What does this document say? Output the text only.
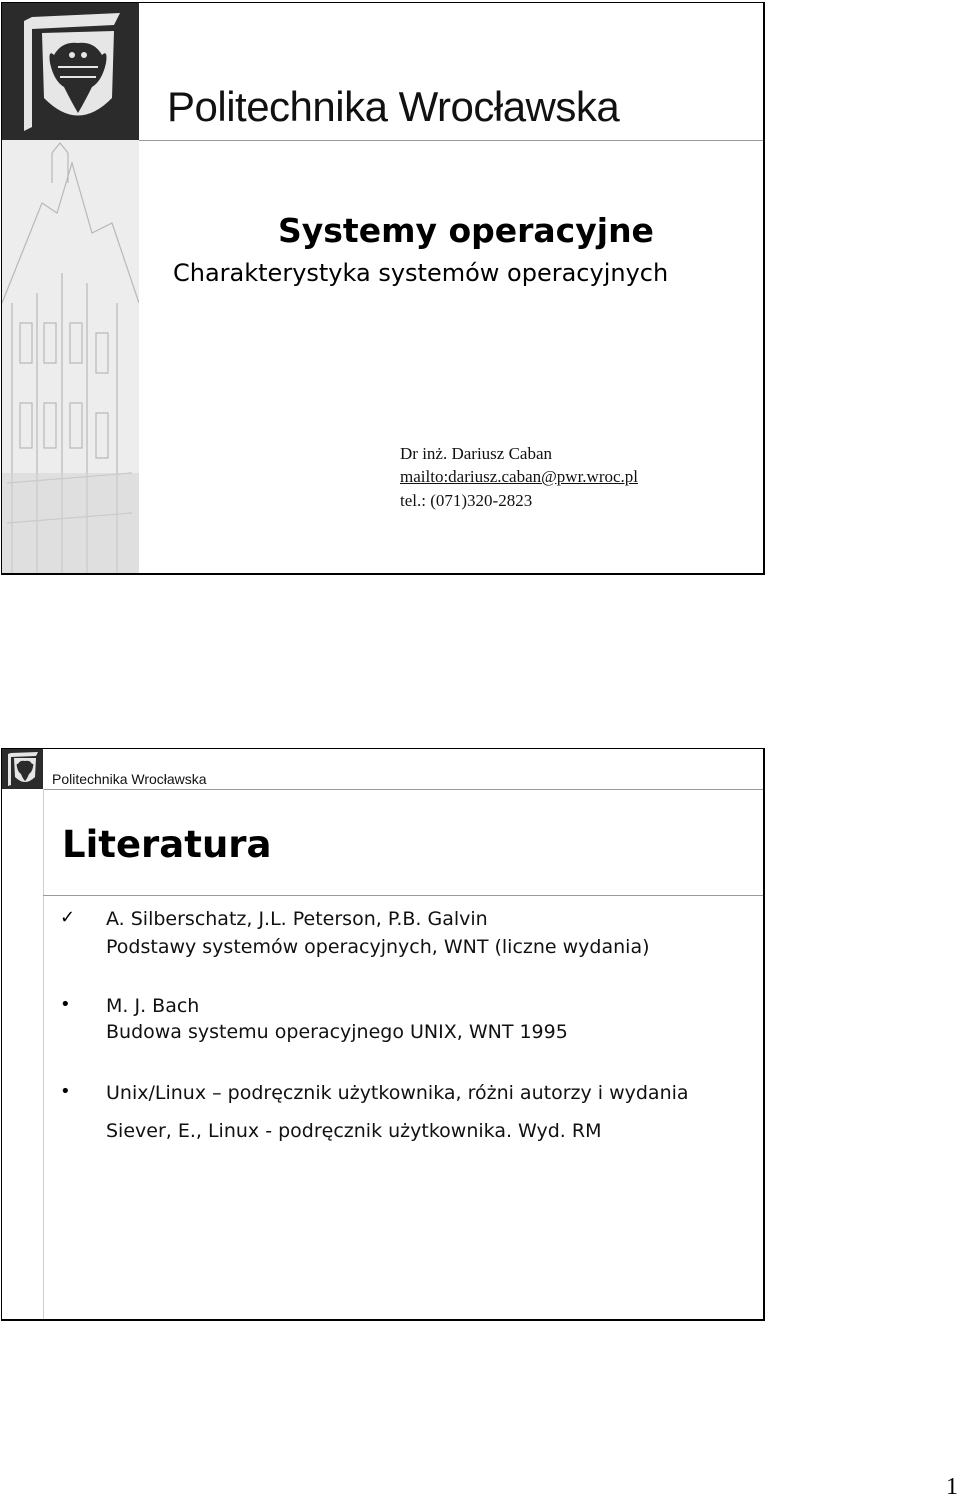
Politechnika Wrocławska
Systemy operacyjne
Charakterystyka systemów operacyjnych
Dr inż. Dariusz Caban
mailto:dariusz.caban@pwr.wroc.pl
tel.: (071)320-2823
Politechnika Wrocławska
Literatura
✓ A. Silberschatz, J.L. Peterson, P.B. Galvin
Podstawy systemów operacyjnych, WNT (liczne wydania)
• M. J. Bach
Budowa systemu operacyjnego UNIX, WNT 1995
• Unix/Linux – podręcznik użytkownika, różni autorzy i wydania
Siever, E., Linux - podręcznik użytkownika. Wyd. RM
1
